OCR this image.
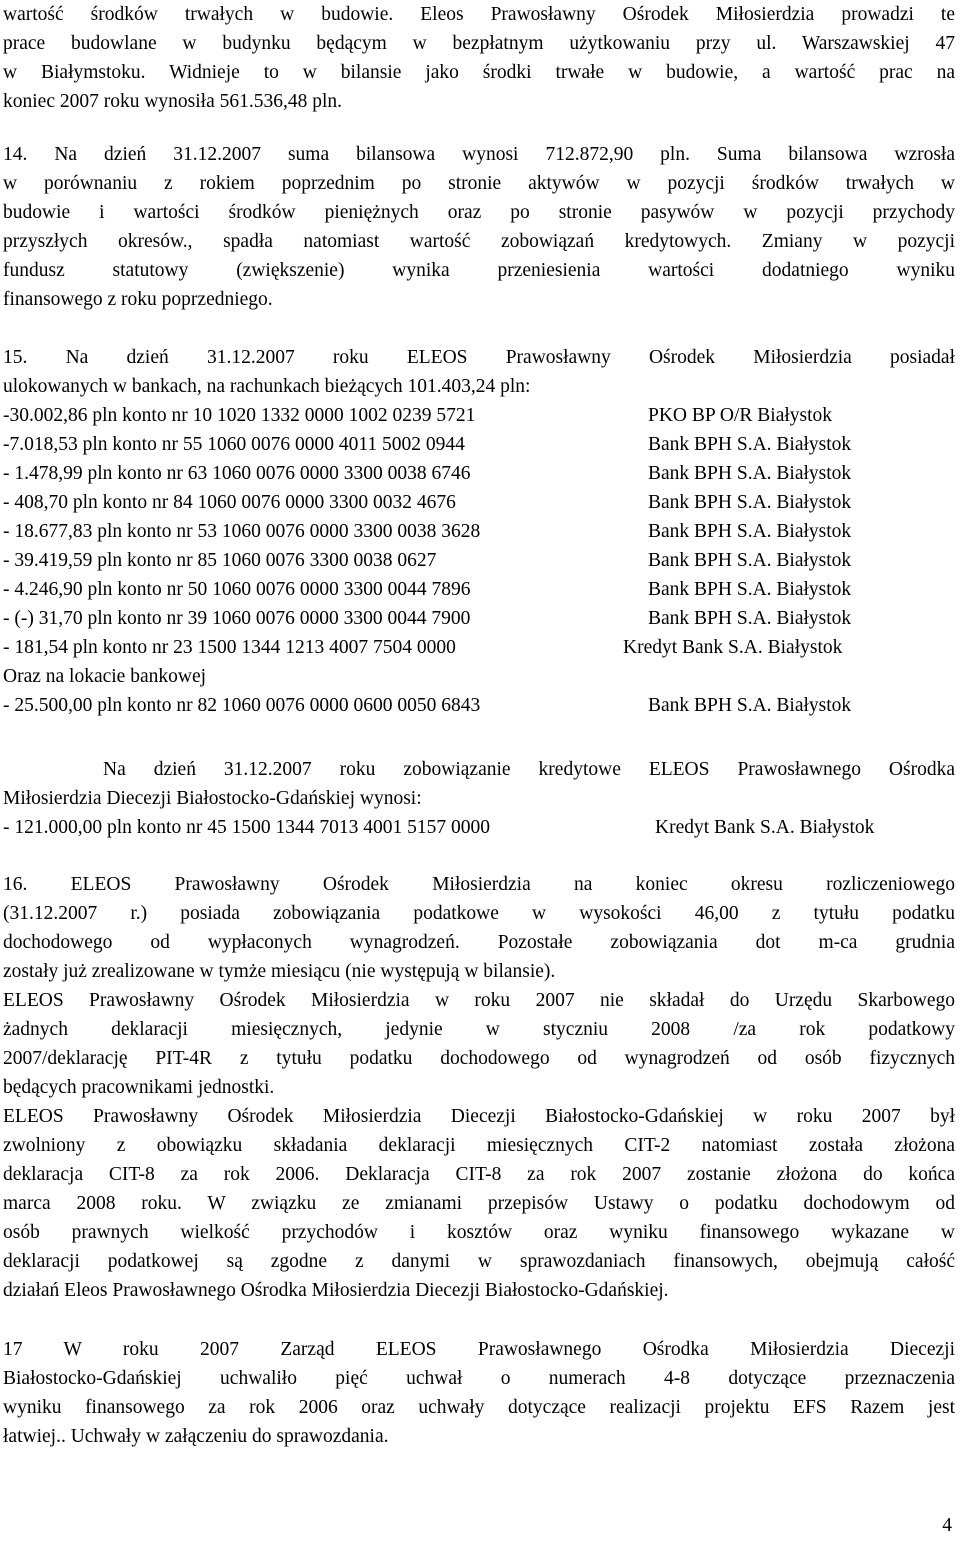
wartość środków trwałych w budowie. Eleos Prawosławny Ośrodek Miłosierdzia prowadzi te
prace budowlane w budynku będącym w bezpłatnym użytkowaniu przy ul. Warszawskiej 47
w Białymstoku. Widnieje to w bilansie jako środki trwałe w budowie, a wartość prac na
koniec 2007 roku wynosiła 561.536,48 pln.
14. Na dzień 31.12.2007 suma bilansowa wynosi 712.872,90 pln. Suma bilansowa wzrosła
w porównaniu z rokiem poprzednim po stronie aktywów w pozycji środków trwałych w
budowie i wartości środków pieniężnych oraz po stronie pasywów w pozycji przychody
przyszłych okresów., spadła natomiast wartość zobowiązań kredytowych. Zmiany w pozycji
fundusz statutowy (zwiększenie) wynika przeniesienia wartości dodatniego wyniku
finansowego z roku poprzedniego.
15. Na dzień 31.12.2007 roku ELEOS Prawosławny Ośrodek Miłosierdzia posiadał
ulokowanych w bankach, na rachunkach bieżących 101.403,24 pln:
-30.002,86 pln konto nr 10 1020 1332 0000 1002 0239 5721	PKO BP O/R Białystok
-7.018,53 pln konto nr 55 1060 0076 0000 4011 5002 0944	Bank BPH S.A. Białystok
- 1.478,99 pln konto nr 63 1060 0076 0000 3300 0038 6746	Bank BPH S.A. Białystok
- 408,70 pln konto nr 84 1060 0076 0000 3300 0032 4676	Bank BPH S.A. Białystok
- 18.677,83 pln konto nr 53 1060 0076 0000 3300 0038 3628	Bank BPH S.A. Białystok
- 39.419,59 pln konto nr 85 1060 0076 3300 0038 0627	Bank BPH S.A. Białystok
- 4.246,90 pln konto nr 50 1060 0076 0000 3300 0044 7896	Bank BPH S.A. Białystok
- (-) 31,70 pln konto nr 39 1060 0076 0000 3300 0044 7900	Bank BPH S.A. Białystok
- 181,54 pln konto nr 23 1500 1344 1213 4007 7504 0000	Kredyt Bank S.A. Białystok
Oraz na lokacie bankowej
- 25.500,00 pln konto nr 82 1060 0076 0000 0600 0050 6843	Bank BPH S.A. Białystok
Na dzień 31.12.2007 roku zobowiązanie kredytowe ELEOS Prawosławnego Ośrodka
Miłosierdzia Diecezji Białostocko-Gdańskiej wynosi:
- 121.000,00 pln konto nr 45 1500 1344 7013 4001 5157 0000	Kredyt Bank S.A. Białystok
16. ELEOS Prawosławny Ośrodek Miłosierdzia na koniec okresu rozliczeniowego
(31.12.2007 r.) posiada zobowiązania podatkowe w wysokości 46,00 z tytułu podatku
dochodowego od wypłaconych wynagrodzeń. Pozostałe zobowiązania dot m-ca grudnia
zostały już zrealizowane w tymże miesiącu (nie występują w bilansie).
ELEOS Prawosławny Ośrodek Miłosierdzia w roku 2007 nie składał do Urzędu Skarbowego
żadnych deklaracji miesięcznych, jedynie w styczniu 2008 /za rok podatkowy
2007/deklarację PIT-4R z tytułu podatku dochodowego od wynagrodzeń od osób fizycznych
będących pracownikami jednostki.
ELEOS Prawosławny Ośrodek Miłosierdzia Diecezji Białostocko-Gdańskiej w roku 2007 był
zwolniony z obowiązku składania deklaracji miesięcznych CIT-2 natomiast została złożona
deklaracja CIT-8 za rok 2006. Deklaracja CIT-8 za rok 2007 zostanie złożona do końca
marca 2008 roku. W związku ze zmianami przepisów Ustawy o podatku dochodowym od
osób prawnych wielkość przychodów i kosztów oraz wyniku finansowego wykazane w
deklaracji podatkowej są zgodne z danymi w sprawozdaniach finansowych, obejmują całość
działań Eleos Prawosławnego Ośrodka Miłosierdzia Diecezji Białostocko-Gdańskiej.
17 W roku 2007 Zarząd ELEOS Prawosławnego Ośrodka Miłosierdzia Diecezji
Białostocko-Gdańskiej uchwaliło pięć uchwał o numerach 4-8 dotyczące przeznaczenia
wyniku finansowego za rok 2006 oraz uchwały dotyczące realizacji projektu EFS Razem jest
łatwiej.. Uchwały w załączeniu do sprawozdania.
4
